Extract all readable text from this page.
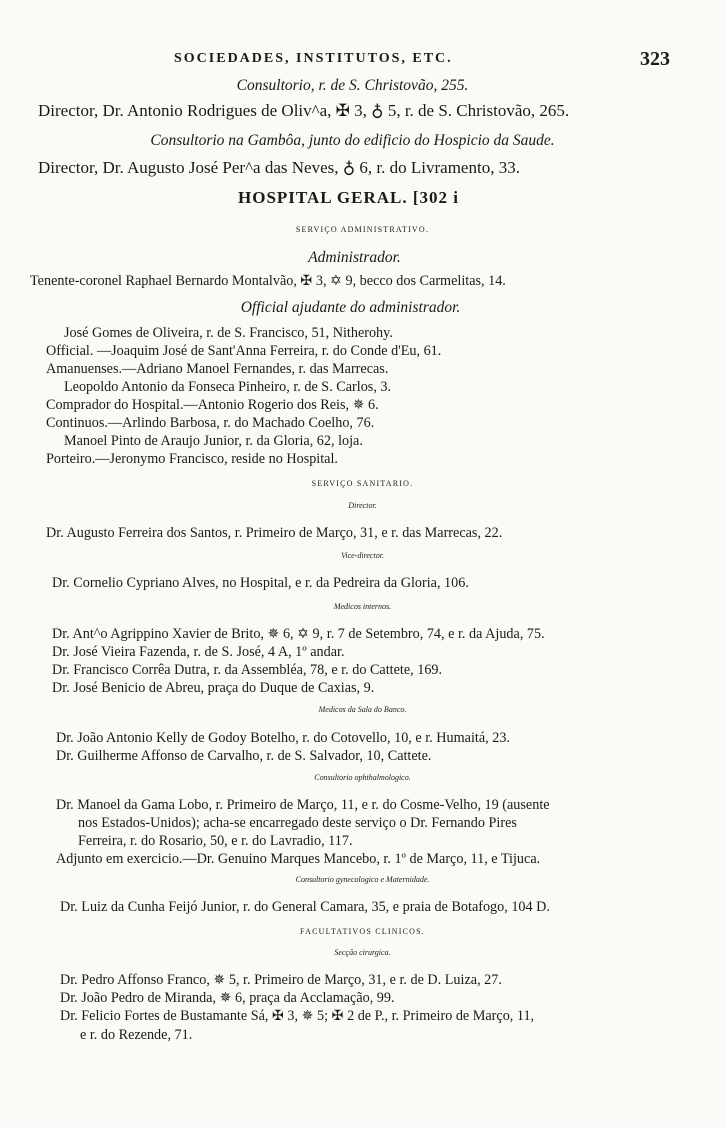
SOCIEDADES, INSTITUTOS, ETC.	323
Consultorio, r. de S. Christovão, 255.
Director, Dr. Antonio Rodrigues de Oliv^a, ✠ 3, ♁ 5, r. de S. Christovão, 265.
Consultorio na Gambôa, junto do edificio do Hospicio da Saude.
Director, Dr. Augusto José Per^a das Neves, ♁ 6, r. do Livramento, 33.
HOSPITAL GERAL. [302 i
SERVIÇO ADMINISTRATIVO.
Administrador.
Tenente-coronel Raphael Bernardo Montalvão, ✠ 3, ✡ 9, becco dos Carmelitas, 14.
Official ajudante do administrador.
José Gomes de Oliveira, r. de S. Francisco, 51, Nitherohy.
Official. —Joaquim José de Sant'Anna Ferreira, r. do Conde d'Eu, 61.
Amanuenses.—Adriano Manoel Fernandes, r. das Marrecas.
Leopoldo Antonio da Fonseca Pinheiro, r. de S. Carlos, 3.
Comprador do Hospital.—Antonio Rogerio dos Reis, ✵ 6.
Continuos.—Arlindo Barbosa, r. do Machado Coelho, 76.
Manoel Pinto de Araujo Junior, r. da Gloria, 62, loja.
Porteiro.—Jeronymo Francisco, reside no Hospital.
SERVIÇO SANITARIO.
Director.
Dr. Augusto Ferreira dos Santos, r. Primeiro de Março, 31, e r. das Marrecas, 22.
Vice-director.
Dr. Cornelio Cypriano Alves, no Hospital, e r. da Pedreira da Gloria, 106.
Medicos internos.
Dr. Ant^o Agrippino Xavier de Brito, ✵ 6, ✡ 9, r. 7 de Setembro, 74, e r. da Ajuda, 75.
Dr. José Vieira Fazenda, r. de S. José, 4 A, 1º andar.
Dr. Francisco Corrêa Dutra, r. da Assembléa, 78, e r. do Cattete, 169.
Dr. José Benicio de Abreu, praça do Duque de Caxias, 9.
Medicos da Sala do Banco.
Dr. João Antonio Kelly de Godoy Botelho, r. do Cotovello, 10, e r. Humaitá, 23.
Dr. Guilherme Affonso de Carvalho, r. de S. Salvador, 10, Cattete.
Consultorio ophthalmologico.
Dr. Manoel da Gama Lobo, r. Primeiro de Março, 11, e r. do Cosme-Velho, 19 (ausente
nos Estados-Unidos); acha-se encarregado deste serviço o Dr. Fernando Pires
Ferreira, r. do Rosario, 50, e r. do Lavradio, 117.
Adjunto em exercicio.—Dr. Genuino Marques Mancebo, r. 1º de Março, 11, e Tijuca.
Consultorio gynecologico e Maternidade.
Dr. Luiz da Cunha Feijó Junior, r. do General Camara, 35, e praia de Botafogo, 104 D.
FACULTATIVOS CLINICOS.
Secção cirurgica.
Dr. Pedro Affonso Franco, ✵ 5, r. Primeiro de Março, 31, e r. de D. Luiza, 27.
Dr. João Pedro de Miranda, ✵ 6, praça da Acclamação, 99.
Dr. Felicio Fortes de Bustamante Sá, ✠ 3, ✵ 5; ✠ 2 de P., r. Primeiro de Março, 11,
e r. do Rezende, 71.
